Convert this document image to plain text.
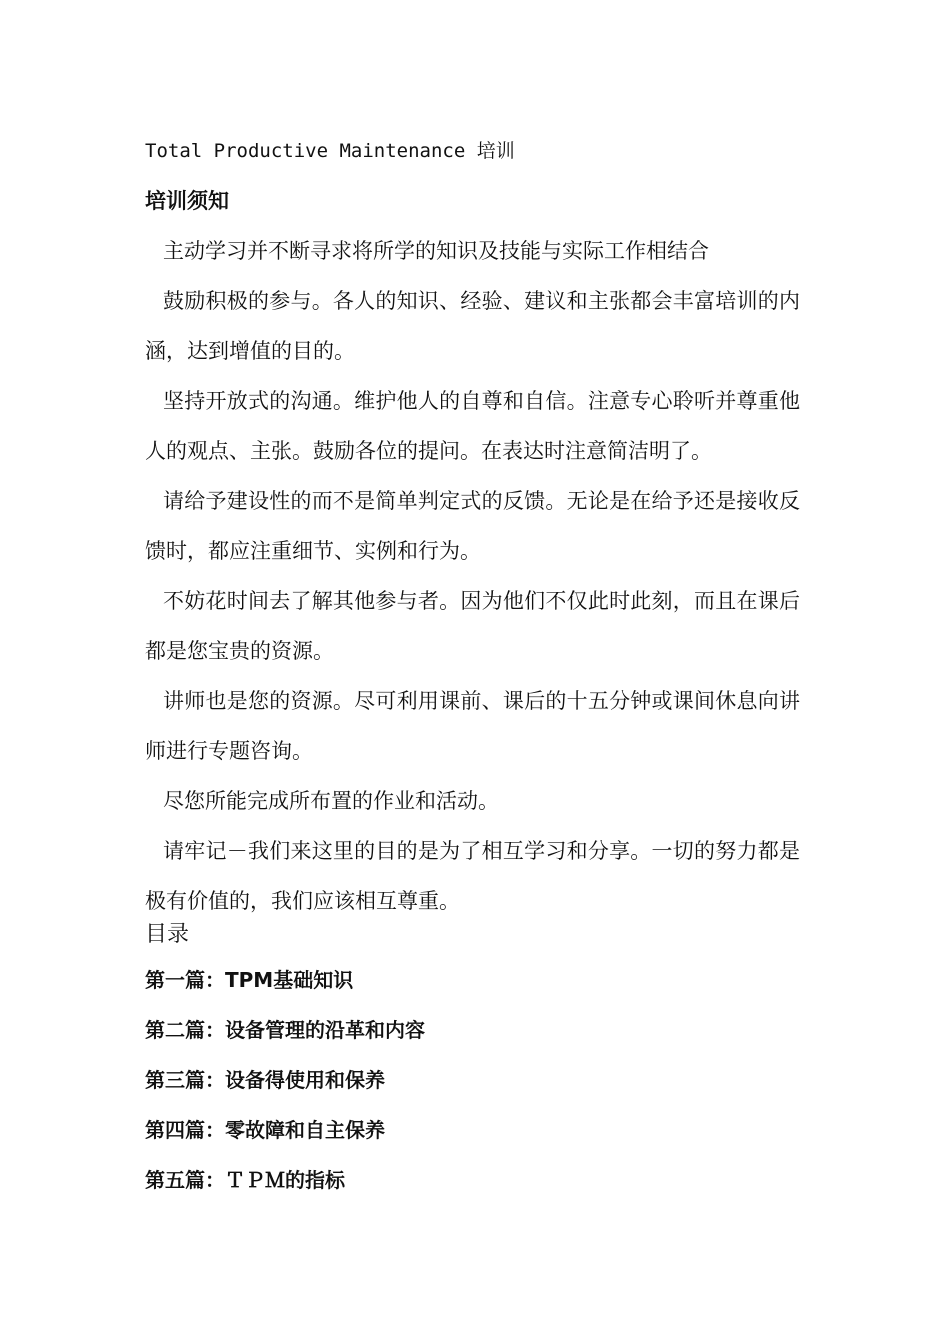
Total Productive Maintenance 培训
培训须知

主动学习并不断寻求将所学的知识及技能与实际工作相结合

鼓励积极的参与。各人的知识、经验、建议和主张都会丰富培训的内涵，达到增值的目的。

坚持开放式的沟通。维护他人的自尊和自信。注意专心聆听并尊重他人的观点、主张。鼓励各位的提问。在表达时注意简洁明了。

请给予建设性的而不是简单判定式的反馈。无论是在给予还是接收反馈时，都应注重细节、实例和行为。

不妨花时间去了解其他参与者。因为他们不仅此时此刻，而且在课后都是您宝贵的资源。

讲师也是您的资源。尽可利用课前、课后的十五分钟或课间休息向讲师进行专题咨询。

尽您所能完成所布置的作业和活动。

请牢记－我们来这里的目的是为了相互学习和分享。一切的努力都是极有价值的，我们应该相互尊重。

目录
第一篇：TPM基础知识
第二篇：设备管理的沿革和内容
第三篇：设备得使用和保养
第四篇：零故障和自主保养
第五篇：ＴＰＭ的指标
